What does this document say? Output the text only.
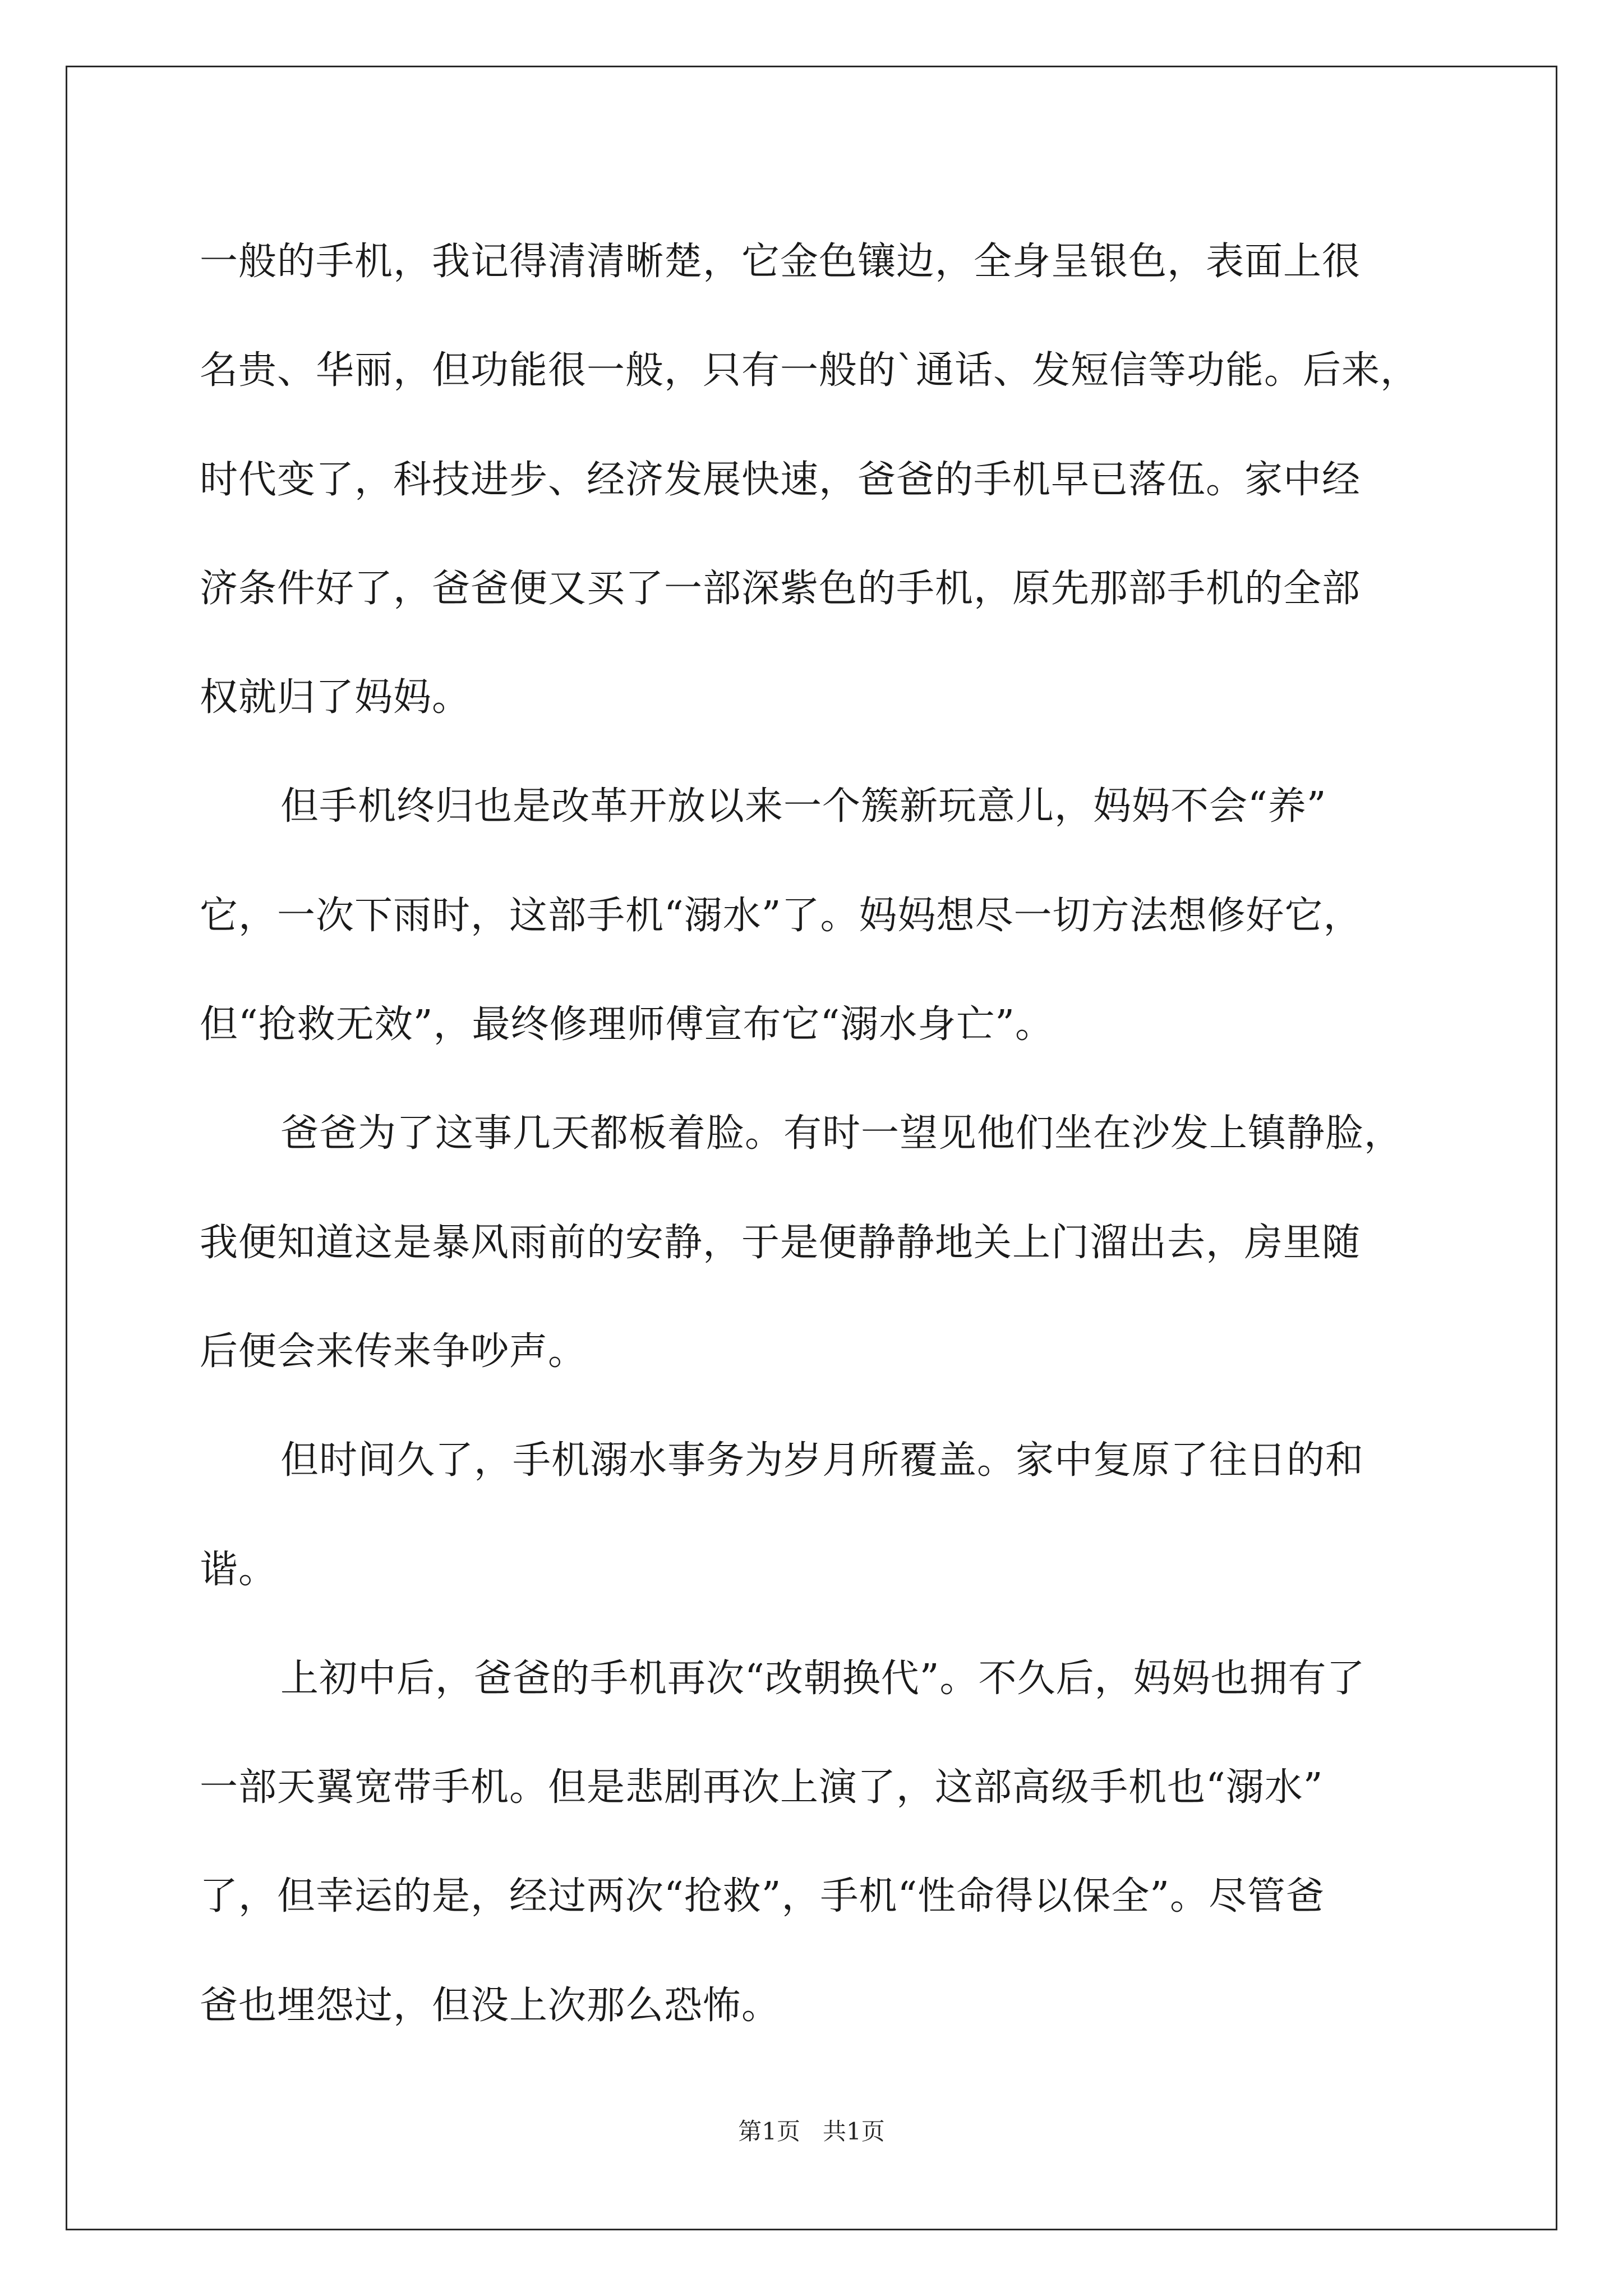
一般的手机，我记得清清晰楚，它金色镶边，全身呈银色，表面上很
名贵、华丽，但功能很一般，只有一般的`通话、发短信等功能。后来，
时代变了，科技进步、经济发展快速，爸爸的手机早已落伍。家中经
济条件好了，爸爸便又买了一部深紫色的手机，原先那部手机的全部
权就归了妈妈。
但手机终归也是改革开放以来一个簇新玩意儿，妈妈不会“养”
它，一次下雨时，这部手机“溺水”了。妈妈想尽一切方法想修好它，
但“抢救无效”，最终修理师傅宣布它“溺水身亡”。
爸爸为了这事几天都板着脸。有时一望见他们坐在沙发上镇静脸，
我便知道这是暴风雨前的安静，于是便静静地关上门溜出去，房里随
后便会来传来争吵声。
但时间久了，手机溺水事务为岁月所覆盖。家中复原了往日的和
谐。
上初中后，爸爸的手机再次“改朝换代”。不久后，妈妈也拥有了
一部天翼宽带手机。但是悲剧再次上演了，这部高级手机也“溺水”
了，但幸运的是，经过两次“抢救”，手机“性命得以保全”。尽管爸
爸也埋怨过，但没上次那么恐怖。
第1页 共1页
